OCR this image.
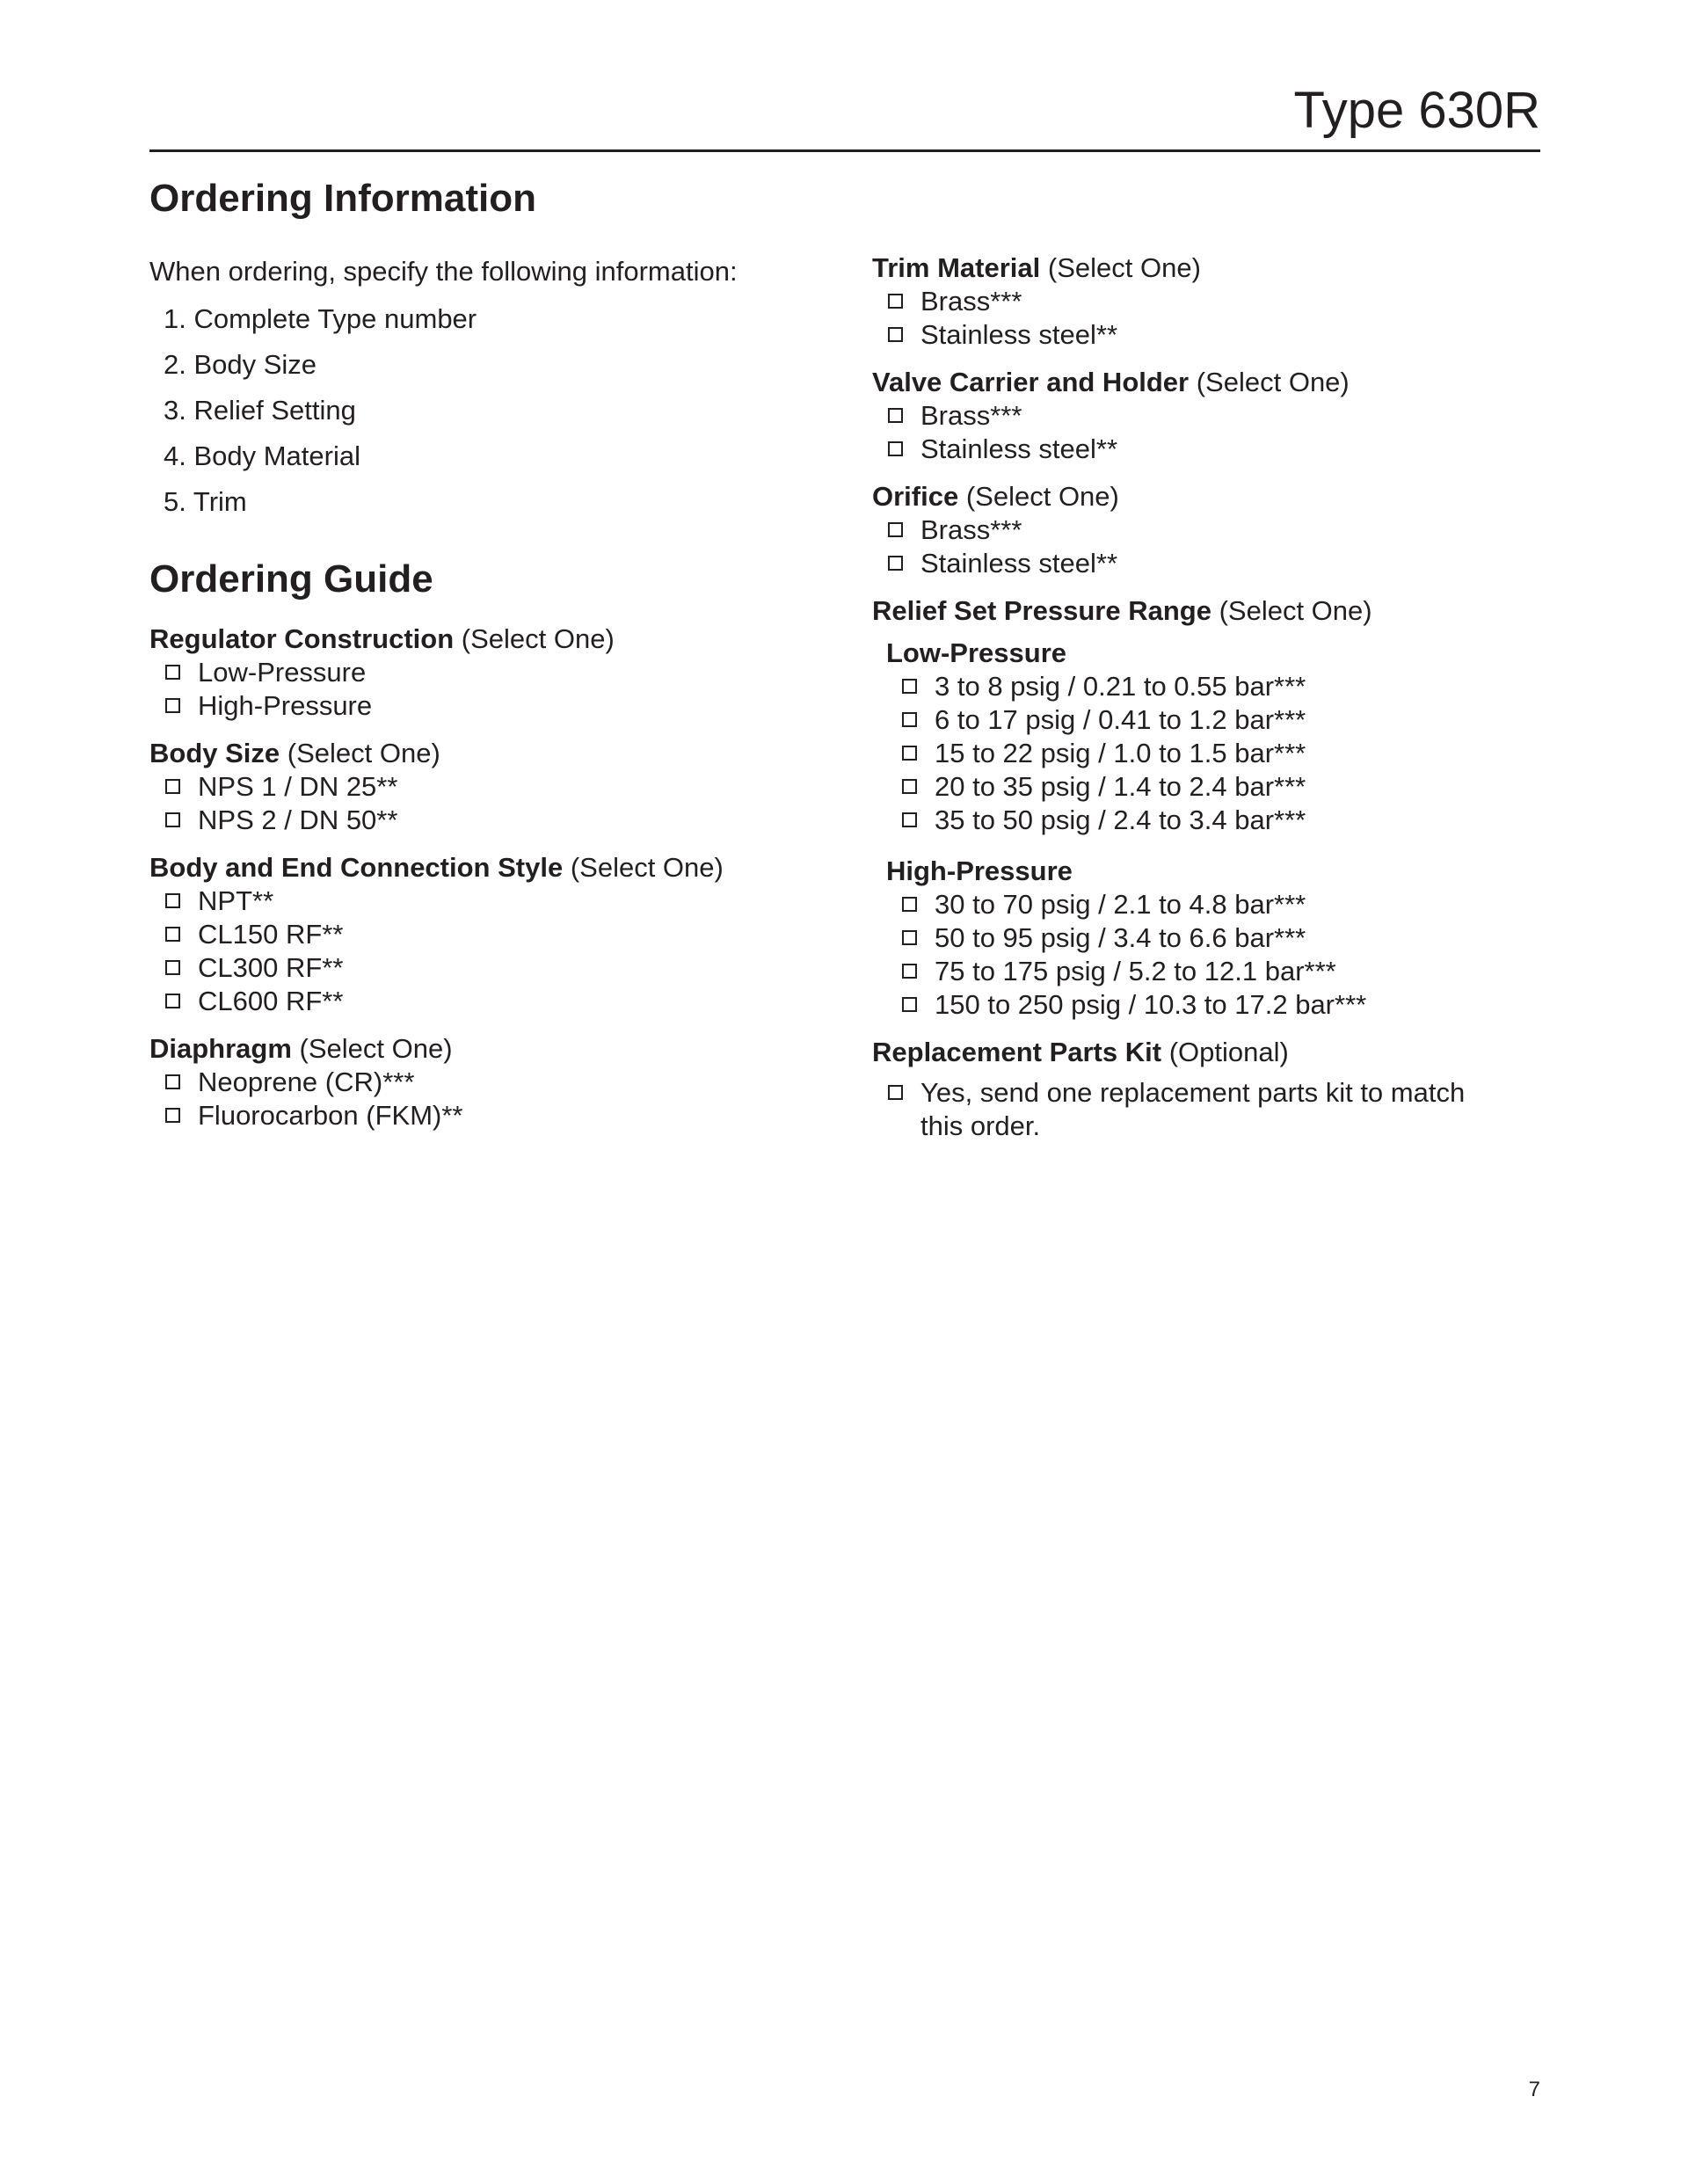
Type 630R
Ordering Information

When ordering, specify the following information:

1. Complete Type number
2. Body Size
3. Relief Setting
4. Body Material
5. Trim
Ordering Guide
Regulator Construction (Select One)
Low-Pressure
High-Pressure
Body Size (Select One)
NPS 1 / DN 25**
NPS 2 / DN 50**
Body and End Connection Style (Select One)
NPT**
CL150 RF**
CL300 RF**
CL600 RF**
Diaphragm (Select One)
Neoprene (CR)***
Fluorocarbon (FKM)**
Trim Material (Select One)
Brass***
Stainless steel**
Valve Carrier and Holder (Select One)
Brass***
Stainless steel**
Orifice (Select One)
Brass***
Stainless steel**
Relief Set Pressure Range (Select One)
Low-Pressure
3 to 8 psig / 0.21 to 0.55 bar***
6 to 17 psig / 0.41 to 1.2 bar***
15 to 22 psig / 1.0 to 1.5 bar***
20 to 35 psig / 1.4 to 2.4 bar***
35 to 50 psig / 2.4 to 3.4 bar***
High-Pressure
30 to 70 psig / 2.1 to 4.8 bar***
50 to 95 psig / 3.4 to 6.6 bar***
75 to 175 psig / 5.2 to 12.1 bar***
150 to 250 psig / 10.3 to 17.2 bar***
Replacement Parts Kit (Optional)
Yes, send one replacement parts kit to match this order.
7
